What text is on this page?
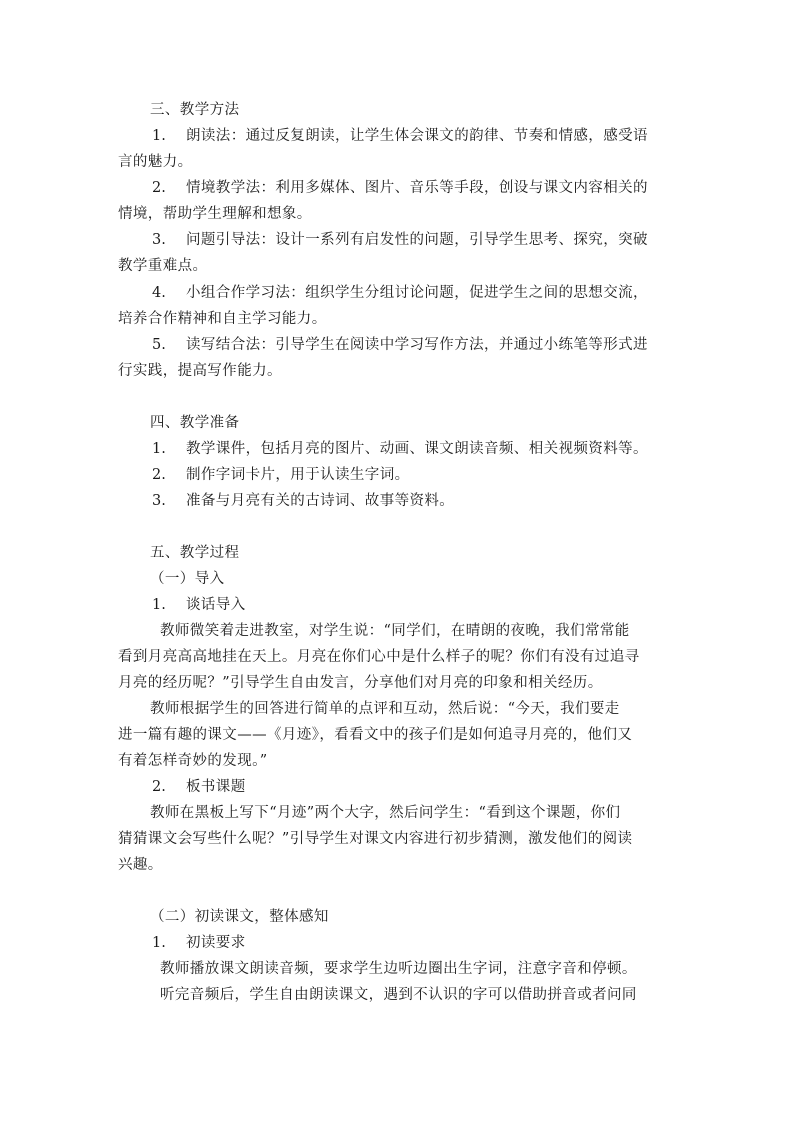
三、教学方法
1. 朗读法：通过反复朗读，让学生体会课文的韵律、节奏和情感，感受语
言的魅力。
2. 情境教学法：利用多媒体、图片、音乐等手段，创设与课文内容相关的
情境，帮助学生理解和想象。
3. 问题引导法：设计一系列有启发性的问题，引导学生思考、探究，突破
教学重难点。
4. 小组合作学习法：组织学生分组讨论问题，促进学生之间的思想交流，
培养合作精神和自主学习能力。
5. 读写结合法：引导学生在阅读中学习写作方法，并通过小练笔等形式进
行实践，提高写作能力。
四、教学准备
1. 教学课件，包括月亮的图片、动画、课文朗读音频、相关视频资料等。
2. 制作字词卡片，用于认读生字词。
3. 准备与月亮有关的古诗词、故事等资料。
五、教学过程
（一）导入
1. 谈话导入
教师微笑着走进教室，对学生说：“同学们，在晴朗的夜晚，我们常常能
看到月亮高高地挂在天上。月亮在你们心中是什么样子的呢？你们有没有过追寻
月亮的经历呢？”引导学生自由发言，分享他们对月亮的印象和相关经历。
教师根据学生的回答进行简单的点评和互动，然后说：“今天，我们要走
进一篇有趣的课文——《月迹》，看看文中的孩子们是如何追寻月亮的，他们又
有着怎样奇妙的发现。”
2. 板书课题
教师在黑板上写下“月迹”两个大字，然后问学生：“看到这个课题，你们
猜猜课文会写些什么呢？”引导学生对课文内容进行初步猜测，激发他们的阅读
兴趣。
（二）初读课文，整体感知
1. 初读要求
教师播放课文朗读音频，要求学生边听边圈出生字词，注意字音和停顿。
听完音频后，学生自由朗读课文，遇到不认识的字可以借助拼音或者问同
